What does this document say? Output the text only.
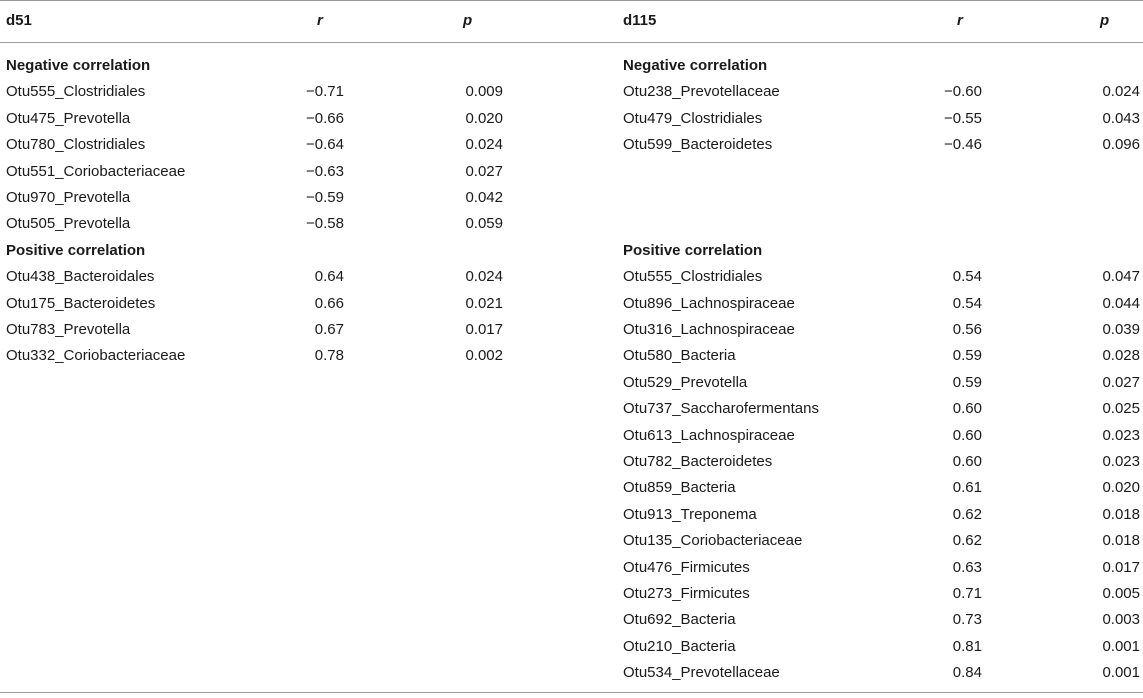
d51	r	p	d115	r	p
Negative correlation
Otu555_Clostridiales	−0.71	0.009
Otu475_Prevotella	−0.66	0.020
Otu780_Clostridiales	−0.64	0.024
Otu551_Coriobacteriaceae	−0.63	0.027
Otu970_Prevotella	−0.59	0.042
Otu505_Prevotella	−0.58	0.059
Positive correlation
Otu438_Bacteroidales	0.64	0.024
Otu175_Bacteroidetes	0.66	0.021
Otu783_Prevotella	0.67	0.017
Otu332_Coriobacteriaceae	0.78	0.002
Negative correlation
Otu238_Prevotellaceae	−0.60	0.024
Otu479_Clostridiales	−0.55	0.043
Otu599_Bacteroidetes	−0.46	0.096
Positive correlation
Otu555_Clostridiales	0.54	0.047
Otu896_Lachnospiraceae	0.54	0.044
Otu316_Lachnospiraceae	0.56	0.039
Otu580_Bacteria	0.59	0.028
Otu529_Prevotella	0.59	0.027
Otu737_Saccharofermentans	0.60	0.025
Otu613_Lachnospiraceae	0.60	0.023
Otu782_Bacteroidetes	0.60	0.023
Otu859_Bacteria	0.61	0.020
Otu913_Treponema	0.62	0.018
Otu135_Coriobacteriaceae	0.62	0.018
Otu476_Firmicutes	0.63	0.017
Otu273_Firmicutes	0.71	0.005
Otu692_Bacteria	0.73	0.003
Otu210_Bacteria	0.81	0.001
Otu534_Prevotellaceae	0.84	0.001
